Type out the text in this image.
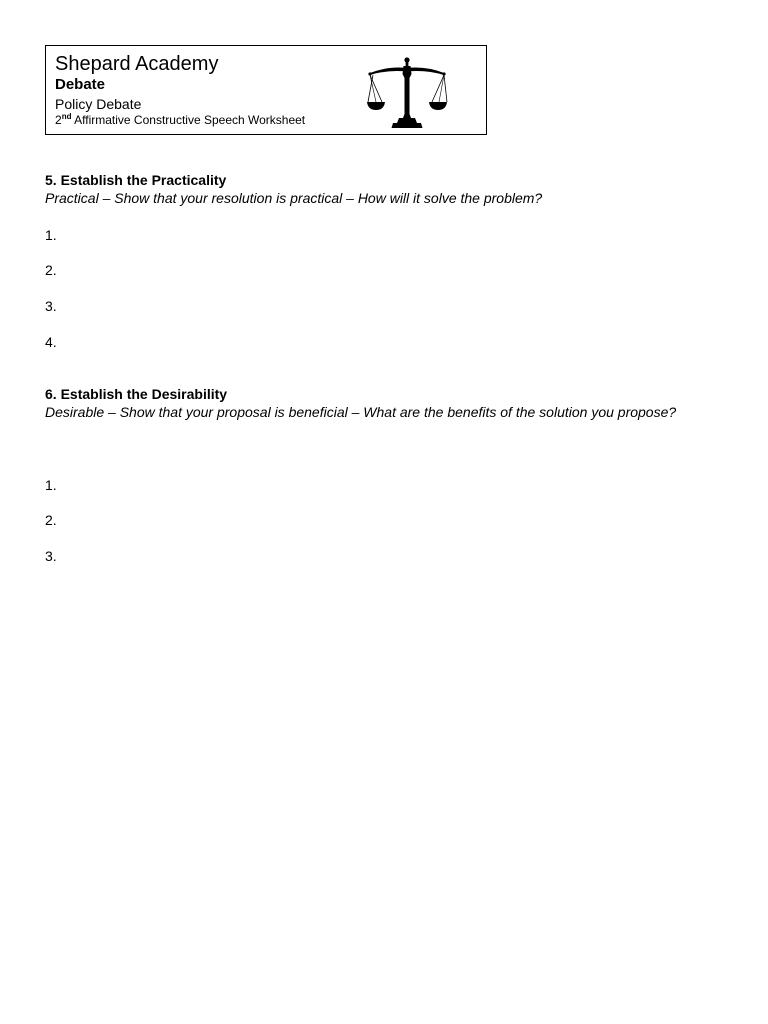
Shepard Academy
Debate
Policy Debate
2nd Affirmative Constructive Speech Worksheet
5. Establish the Practicality
Practical – Show that your resolution is practical – How will it solve the problem?
1.
2.
3.
4.
6. Establish the Desirability
Desirable – Show that your proposal is beneficial – What are the benefits of the solution you propose?
1.
2.
3.
